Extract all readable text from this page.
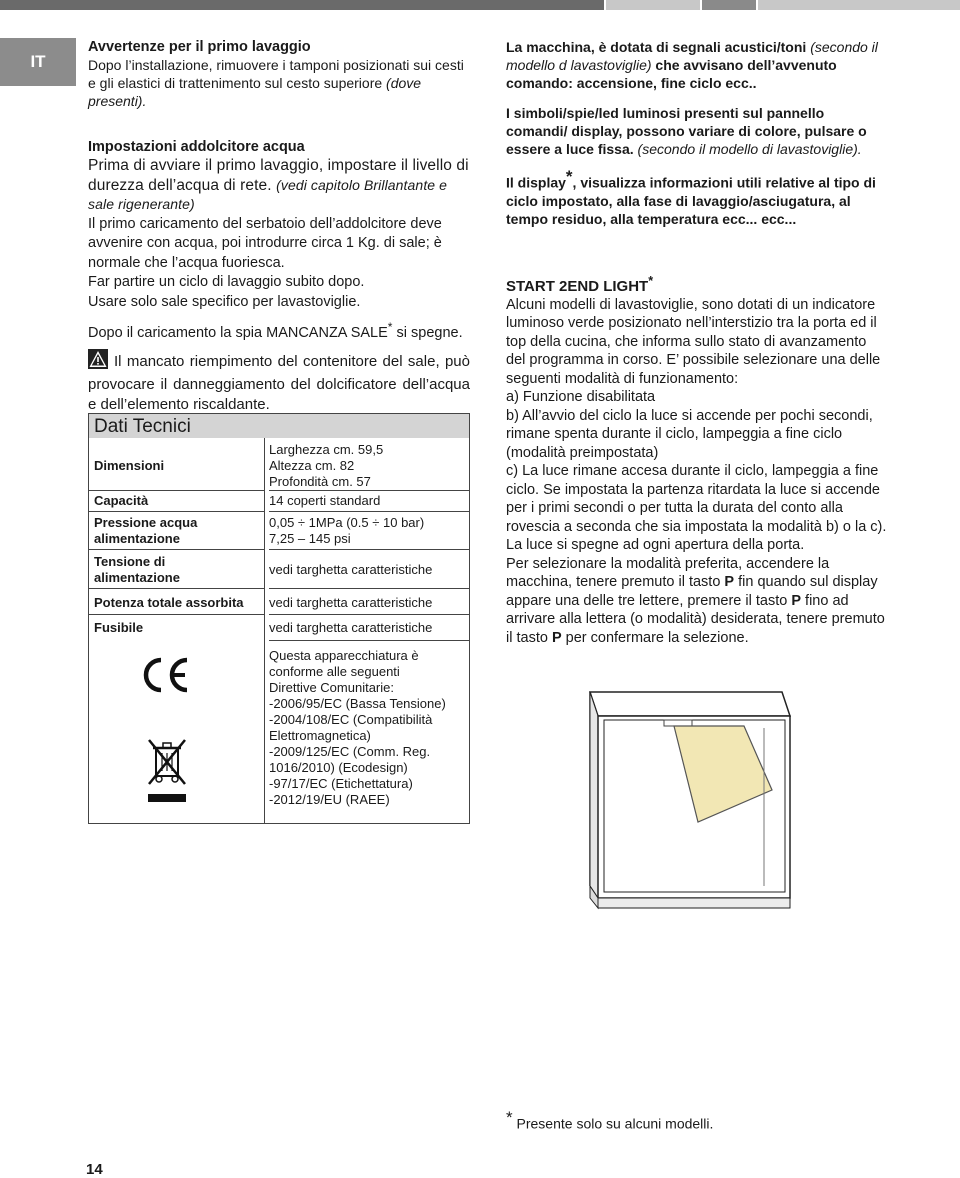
IT
Avvertenze per il primo lavaggio

Dopo l’installazione, rimuovere i tamponi posizionati sui cesti e gli elastici di trattenimento sul cesto superiore (dove presenti).

Impostazioni addolcitore acqua

Prima di avviare il primo lavaggio, impostare il livello di durezza dell’acqua di rete. (vedi capitolo Brillantante e sale rigenerante)

Il primo caricamento del serbatoio dell’addolcitore deve avvenire con acqua, poi introdurre circa 1 Kg. di sale; è normale che l’acqua fuoriesca.

Far partire un ciclo di lavaggio subito dopo.

Usare solo sale specifico per lavastoviglie.

Dopo il caricamento la spia MANCANZA SALE* si spegne.

Il mancato riempimento del contenitore del sale, può provocare il danneggiamento del dolcificatore dell’acqua e dell’elemento riscaldante.

Dati Tecnici
Dimensioni
Larghezza cm. 59,5
Altezza cm. 82
Profondità cm. 57
Capacità	14 coperti standard
Pressione acqua
alimentazione
0,05 ÷ 1MPa (0.5 ÷ 10 bar)
7,25 – 145 psi
Tensione di
alimentazione
vedi targhetta caratteristiche
Potenza totale assorbita vedi targhetta caratteristiche
Fusibile	vedi targhetta caratteristiche
Questa apparecchiatura è
conforme alle seguenti
Direttive Comunitarie:
-2006/95/EC (Bassa Tensione)
-2004/108/EC (Compatibilità
Elettromagnetica)
-2009/125/EC (Comm. Reg.
1016/2010) (Ecodesign)
-97/17/EC (Etichettatura)
-2012/19/EU (RAEE)

La macchina, è dotata di segnali acustici/toni (secondo il modello d lavastoviglie) che avvisano dell’avvenuto comando: accensione, fine ciclo ecc..

I simboli/spie/led luminosi presenti sul pannello comandi/ display, possono variare di colore, pulsare o essere a luce fissa. (secondo il modello di lavastoviglie).

Il display*, visualizza informazioni utili relative al tipo di ciclo impostato, alla fase di lavaggio/asciugatura, al tempo residuo, alla temperatura ecc... ecc...

START 2END LIGHT*

Alcuni modelli di lavastoviglie, sono dotati di un indicatore luminoso verde posizionato nell’interstizio tra la porta ed il top della cucina, che informa sullo stato di avanzamento del programma in corso. E’ possibile selezionare una delle seguenti modalità di funzionamento:

a) Funzione disabilitata

b) All’avvio del ciclo la luce si accende per pochi secondi, rimane spenta durante il ciclo, lampeggia a fine ciclo (modalità preimpostata)

c) La luce rimane accesa durante il ciclo, lampeggia a fine ciclo. Se impostata la partenza ritardata la luce si accende per i primi secondi o per tutta la durata del conto alla rovescia a seconda che sia impostata la modalità b) o la c).

La luce si spegne ad ogni apertura della porta.

Per selezionare la modalità preferita, accendere la macchina, tenere premuto il tasto P fin quando sul display appare una delle tre lettere, premere il tasto P fino ad arrivare alla lettera (o modalità) desiderata, tenere premuto il tasto P per confermare la selezione.

* Presente solo su alcuni modelli.
14
